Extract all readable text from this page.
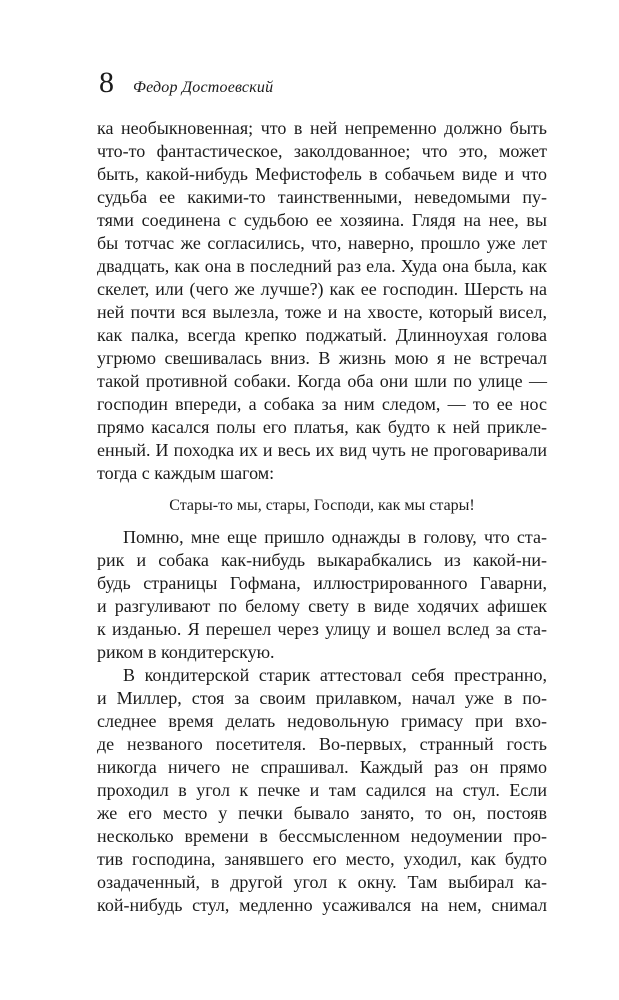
8 Федор Достоевский
ка необыкновенная; что в ней непременно должно быть
что-то фантастическое, заколдованное; что это, может
быть, какой-нибудь Мефистофель в собачьем виде и что
судьба ее какими-то таинственными, неведомыми пу-
тями соединена с судьбою ее хозяина. Глядя на нее, вы
бы тотчас же согласились, что, наверно, прошло уже лет
двадцать, как она в последний раз ела. Худа она была, как
скелет, или (чего же лучше?) как ее господин. Шерсть на
ней почти вся вылезла, тоже и на хвосте, который висел,
как палка, всегда крепко поджатый. Длинноухая голова
угрюмо свешивалась вниз. В жизнь мою я не встречал
такой противной собаки. Когда оба они шли по улице —
господин впереди, а собака за ним следом, — то ее нос
прямо касался полы его платья, как будто к ней прикле-
енный. И походка их и весь их вид чуть не проговаривали
тогда с каждым шагом:
Стары-то мы, стары, Господи, как мы стары!
Помню, мне еще пришло однажды в голову, что ста-
рик и собака как-нибудь выкарабкались из какой-ни-
будь страницы Гофмана, иллюстрированного Гаварни,
и разгуливают по белому свету в виде ходячих афишек
к изданью. Я перешел через улицу и вошел вслед за ста-
риком в кондитерскую.
В кондитерской старик аттестовал себя престранно,
и Миллер, стоя за своим прилавком, начал уже в по-
следнее время делать недовольную гримасу при вхо-
де незваного посетителя. Во-первых, странный гость
никогда ничего не спрашивал. Каждый раз он прямо
проходил в угол к печке и там садился на стул. Если
же его место у печки бывало занято, то он, постояв
несколько времени в бессмысленном недоумении про-
тив господина, занявшего его место, уходил, как будто
озадаченный, в другой угол к окну. Там выбирал ка-
кой-нибудь стул, медленно усаживался на нем, снимал
